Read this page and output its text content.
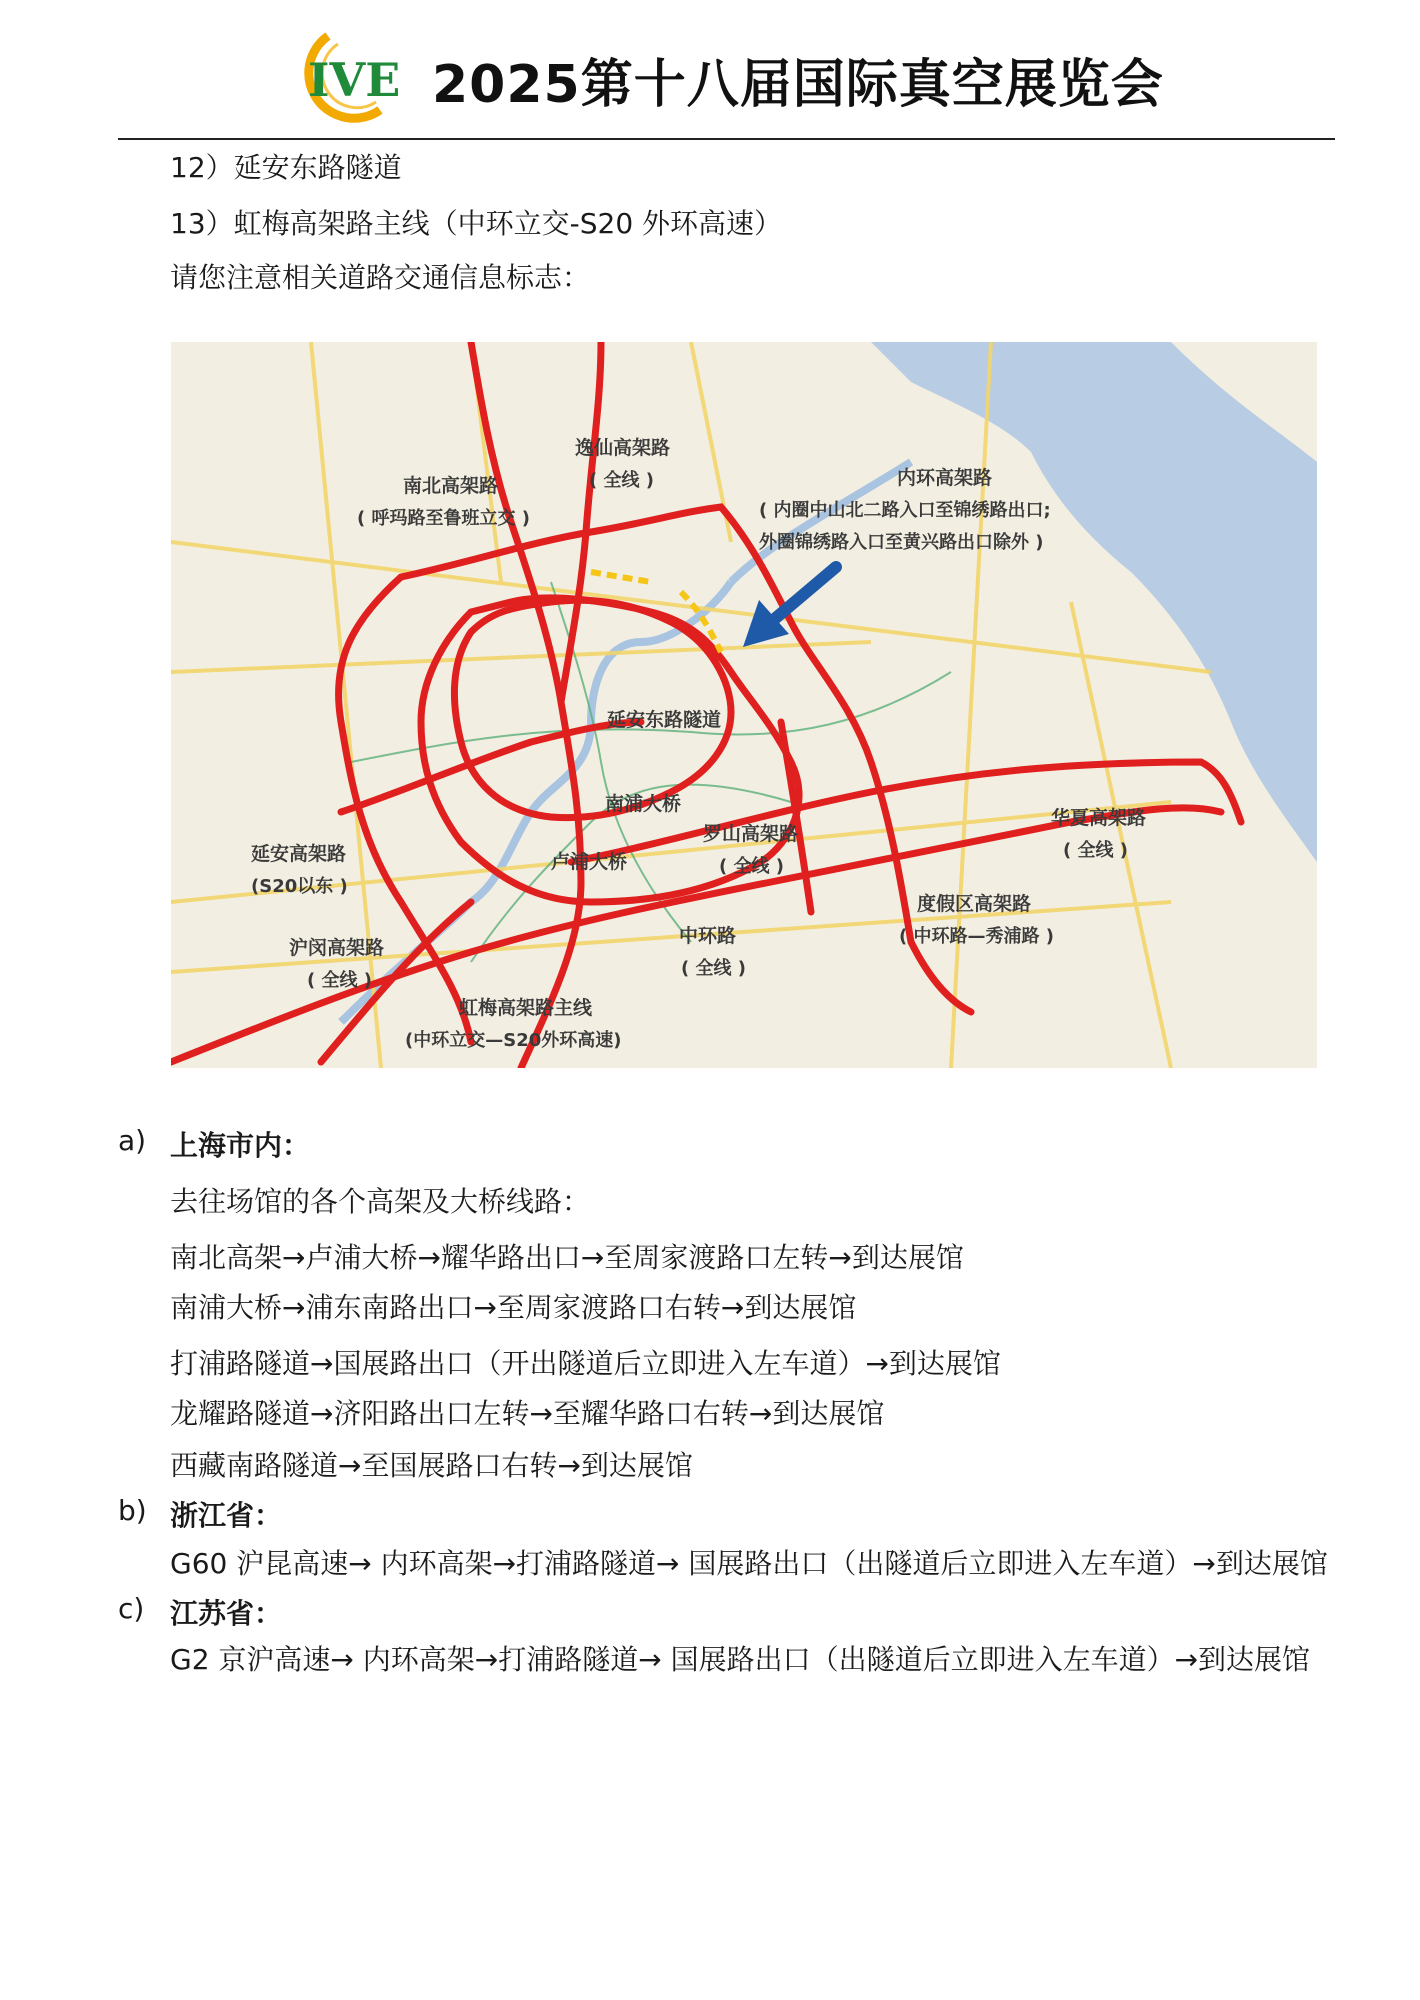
IVE 2025第十八届国际真空展览会
12）延安东路隧道
13）虹梅高架路主线（中环立交-S20 外环高速）
请您注意相关道路交通信息标志：
南北高架路
( 呼玛路至鲁班立交 )
逸仙高架路
( 全线 )	内环高架路
( 内圈中山北二路入口至锦绣路出口;
外圈锦绣路入口至黄兴路出口除外 )
延安东路隧道
南浦大桥
罗山高架路
( 全线 )
华夏高架路
( 全线 )
延安高架路
(S20以东 )
卢浦大桥
度假区高架路
( 中环路—秀浦路 )
沪闵高架路
( 全线 )
中环路
( 全线 )
虹梅高架路主线
(中环立交—S20外环高速)
a) 上海市内：
去往场馆的各个高架及大桥线路：
南北高架→卢浦大桥→耀华路出口→至周家渡路口左转→到达展馆
南浦大桥→浦东南路出口→至周家渡路口右转→到达展馆
打浦路隧道→国展路出口（开出隧道后立即进入左车道）→到达展馆
龙耀路隧道→济阳路出口左转→至耀华路口右转→到达展馆
西藏南路隧道→至国展路口右转→到达展馆
b) 浙江省：
G60 沪昆高速→ 内环高架→打浦路隧道→ 国展路出口（出隧道后立即进入左车道）→到达展馆
c) 江苏省：
G2 京沪高速→ 内环高架→打浦路隧道→ 国展路出口（出隧道后立即进入左车道）→到达展馆
